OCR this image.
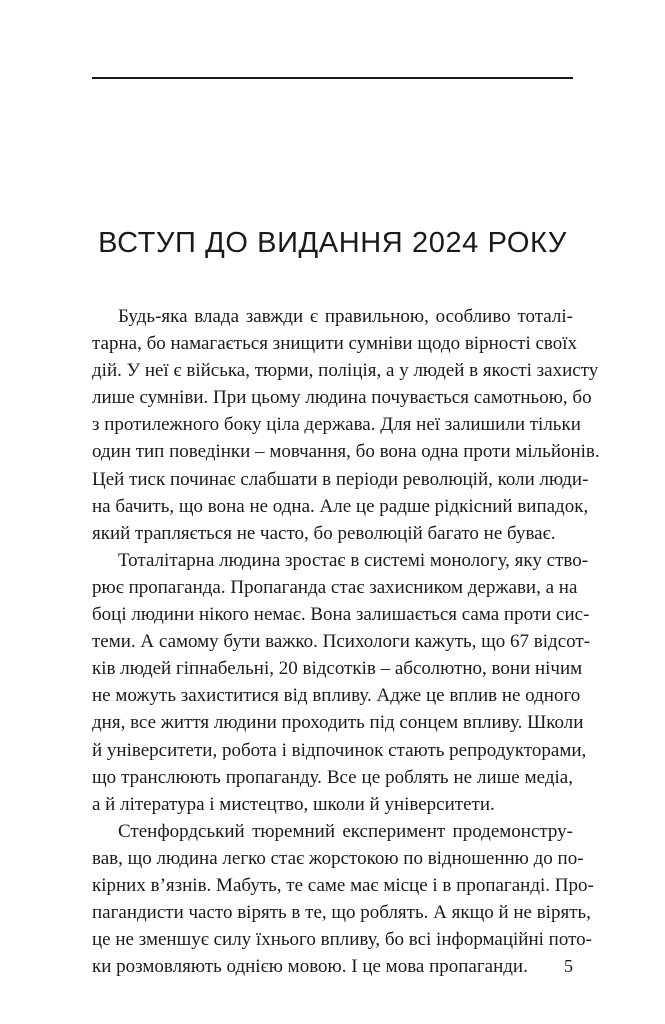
ВСТУП ДО ВИДАННЯ 2024 РОКУ
Будь-яка влада завжди є правильною, особливо тоталі-
тарна, бо намагається знищити сумніви щодо вірності своїх
дій. У неї є війська, тюрми, поліція, а у людей в якості захисту
лише сумніви. При цьому людина почувається самотньою, бо
з протилежного боку ціла держава. Для неї залишили тільки
один тип поведінки – мовчання, бо вона одна проти мільйонів.
Цей тиск починає слабшати в періоди революцій, коли люди-
на бачить, що вона не одна. Але це радше рідкісний випадок,
який трапляється не часто, бо революцій багато не буває.
Тоталітарна людина зростає в системі монологу, яку ство-
рює пропаганда. Пропаганда стає захисником держави, а на
боці людини нікого немає. Вона залишається сама проти сис-
теми. А самому бути важко. Психологи кажуть, що 67 відсот-
ків людей гіпнабельні, 20 відсотків – абсолютно, вони нічим
не можуть захиститися від впливу. Адже це вплив не одного
дня, все життя людини проходить під сонцем впливу. Школи
й університети, робота і відпочинок стають репродукторами,
що транслюють пропаганду. Все це роблять не лише медіа,
а й література і мистецтво, школи й університети.
Стенфордський тюремний експеримент продемонстру-
вав, що людина легко стає жорстокою по відношенню до по-
кірних в’язнів. Мабуть, те саме має місце і в пропаганді. Про-
пагандисти часто вірять в те, що роблять. А якщо й не вірять,
це не зменшує силу їхнього впливу, бо всі інформаційні пото-
ки розмовляють однією мовою. І це мова пропаганди.	5
